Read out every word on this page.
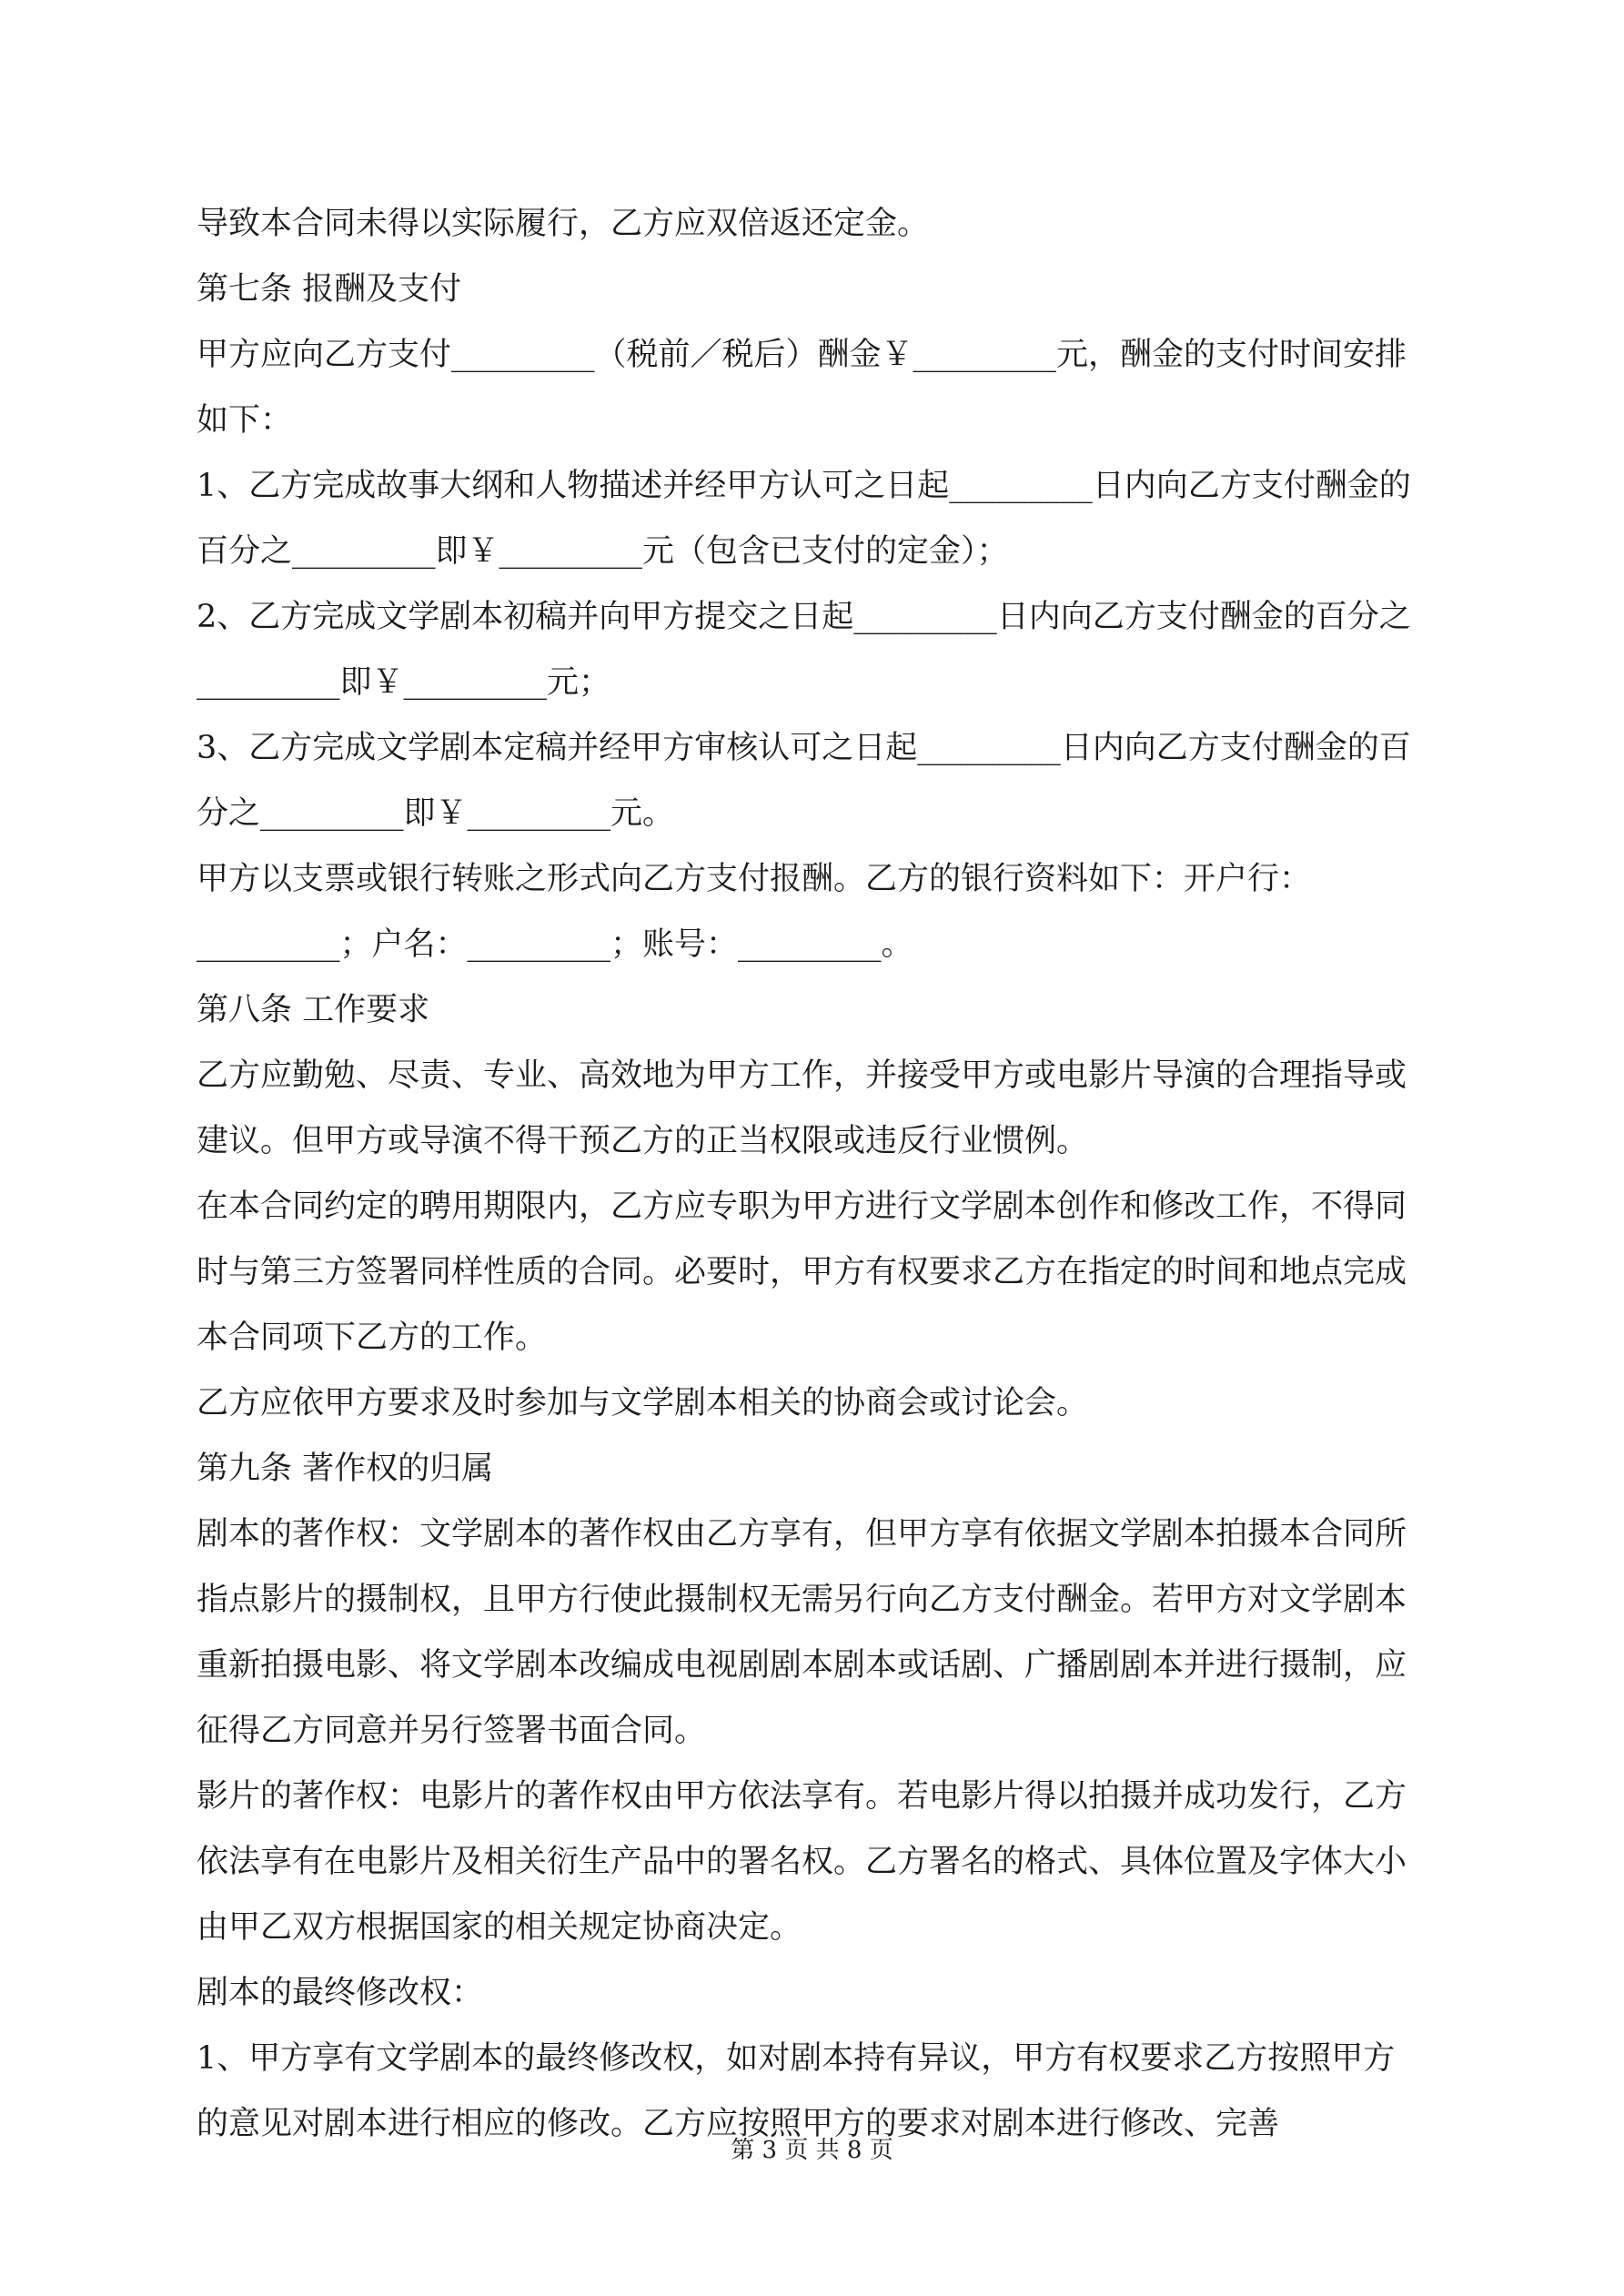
导致本合同未得以实际履行，乙方应双倍返还定金。
第七条 报酬及支付
甲方应向乙方支付_________（税前／税后）酬金￥_________元，酬金的支付时间安排
如下：
1、乙方完成故事大纲和人物描述并经甲方认可之日起_________日内向乙方支付酬金的
百分之_________即￥_________元（包含已支付的定金）；
2、乙方完成文学剧本初稿并向甲方提交之日起_________日内向乙方支付酬金的百分之
_________即￥_________元；
3、乙方完成文学剧本定稿并经甲方审核认可之日起_________日内向乙方支付酬金的百
分之_________即￥_________元。
甲方以支票或银行转账之形式向乙方支付报酬。乙方的银行资料如下：开户行：
_________；户名：_________；账号：_________。
第八条 工作要求
乙方应勤勉、尽责、专业、高效地为甲方工作，并接受甲方或电影片导演的合理指导或
建议。但甲方或导演不得干预乙方的正当权限或违反行业惯例。
在本合同约定的聘用期限内，乙方应专职为甲方进行文学剧本创作和修改工作，不得同
时与第三方签署同样性质的合同。必要时，甲方有权要求乙方在指定的时间和地点完成
本合同项下乙方的工作。
乙方应依甲方要求及时参加与文学剧本相关的协商会或讨论会。
第九条 著作权的归属
剧本的著作权：文学剧本的著作权由乙方享有，但甲方享有依据文学剧本拍摄本合同所
指点影片的摄制权，且甲方行使此摄制权无需另行向乙方支付酬金。若甲方对文学剧本
重新拍摄电影、将文学剧本改编成电视剧剧本剧本或话剧、广播剧剧本并进行摄制，应
征得乙方同意并另行签署书面合同。
影片的著作权：电影片的著作权由甲方依法享有。若电影片得以拍摄并成功发行，乙方
依法享有在电影片及相关衍生产品中的署名权。乙方署名的格式、具体位置及字体大小
由甲乙双方根据国家的相关规定协商决定。
剧本的最终修改权：
1、甲方享有文学剧本的最终修改权，如对剧本持有异议，甲方有权要求乙方按照甲方
的意见对剧本进行相应的修改。乙方应按照甲方的要求对剧本进行修改、完善
第 3 页 共 8 页
